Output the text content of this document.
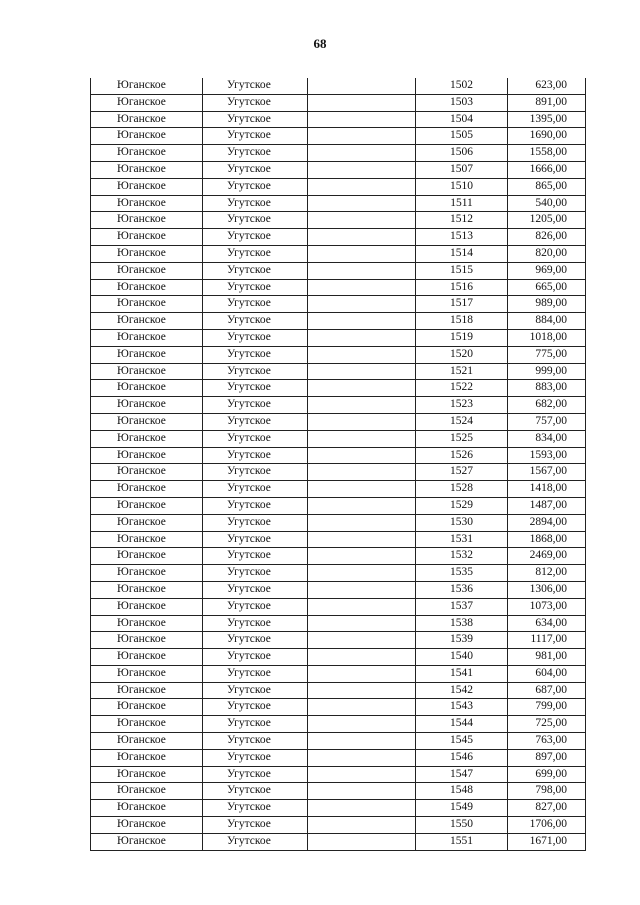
68
Юганское	Угутское		1502	623,00
Юганское	Угутское		1503	891,00
Юганское	Угутское		1504	1395,00
Юганское	Угутское		1505	1690,00
Юганское	Угутское		1506	1558,00
Юганское	Угутское		1507	1666,00
Юганское	Угутское		1510	865,00
Юганское	Угутское		1511	540,00
Юганское	Угутское		1512	1205,00
Юганское	Угутское		1513	826,00
Юганское	Угутское		1514	820,00
Юганское	Угутское		1515	969,00
Юганское	Угутское		1516	665,00
Юганское	Угутское		1517	989,00
Юганское	Угутское		1518	884,00
Юганское	Угутское		1519	1018,00
Юганское	Угутское		1520	775,00
Юганское	Угутское		1521	999,00
Юганское	Угутское		1522	883,00
Юганское	Угутское		1523	682,00
Юганское	Угутское		1524	757,00
Юганское	Угутское		1525	834,00
Юганское	Угутское		1526	1593,00
Юганское	Угутское		1527	1567,00
Юганское	Угутское		1528	1418,00
Юганское	Угутское		1529	1487,00
Юганское	Угутское		1530	2894,00
Юганское	Угутское		1531	1868,00
Юганское	Угутское		1532	2469,00
Юганское	Угутское		1535	812,00
Юганское	Угутское		1536	1306,00
Юганское	Угутское		1537	1073,00
Юганское	Угутское		1538	634,00
Юганское	Угутское		1539	1117,00
Юганское	Угутское		1540	981,00
Юганское	Угутское		1541	604,00
Юганское	Угутское		1542	687,00
Юганское	Угутское		1543	799,00
Юганское	Угутское		1544	725,00
Юганское	Угутское		1545	763,00
Юганское	Угутское		1546	897,00
Юганское	Угутское		1547	699,00
Юганское	Угутское		1548	798,00
Юганское	Угутское		1549	827,00
Юганское	Угутское		1550	1706,00
Юганское	Угутское		1551	1671,00
